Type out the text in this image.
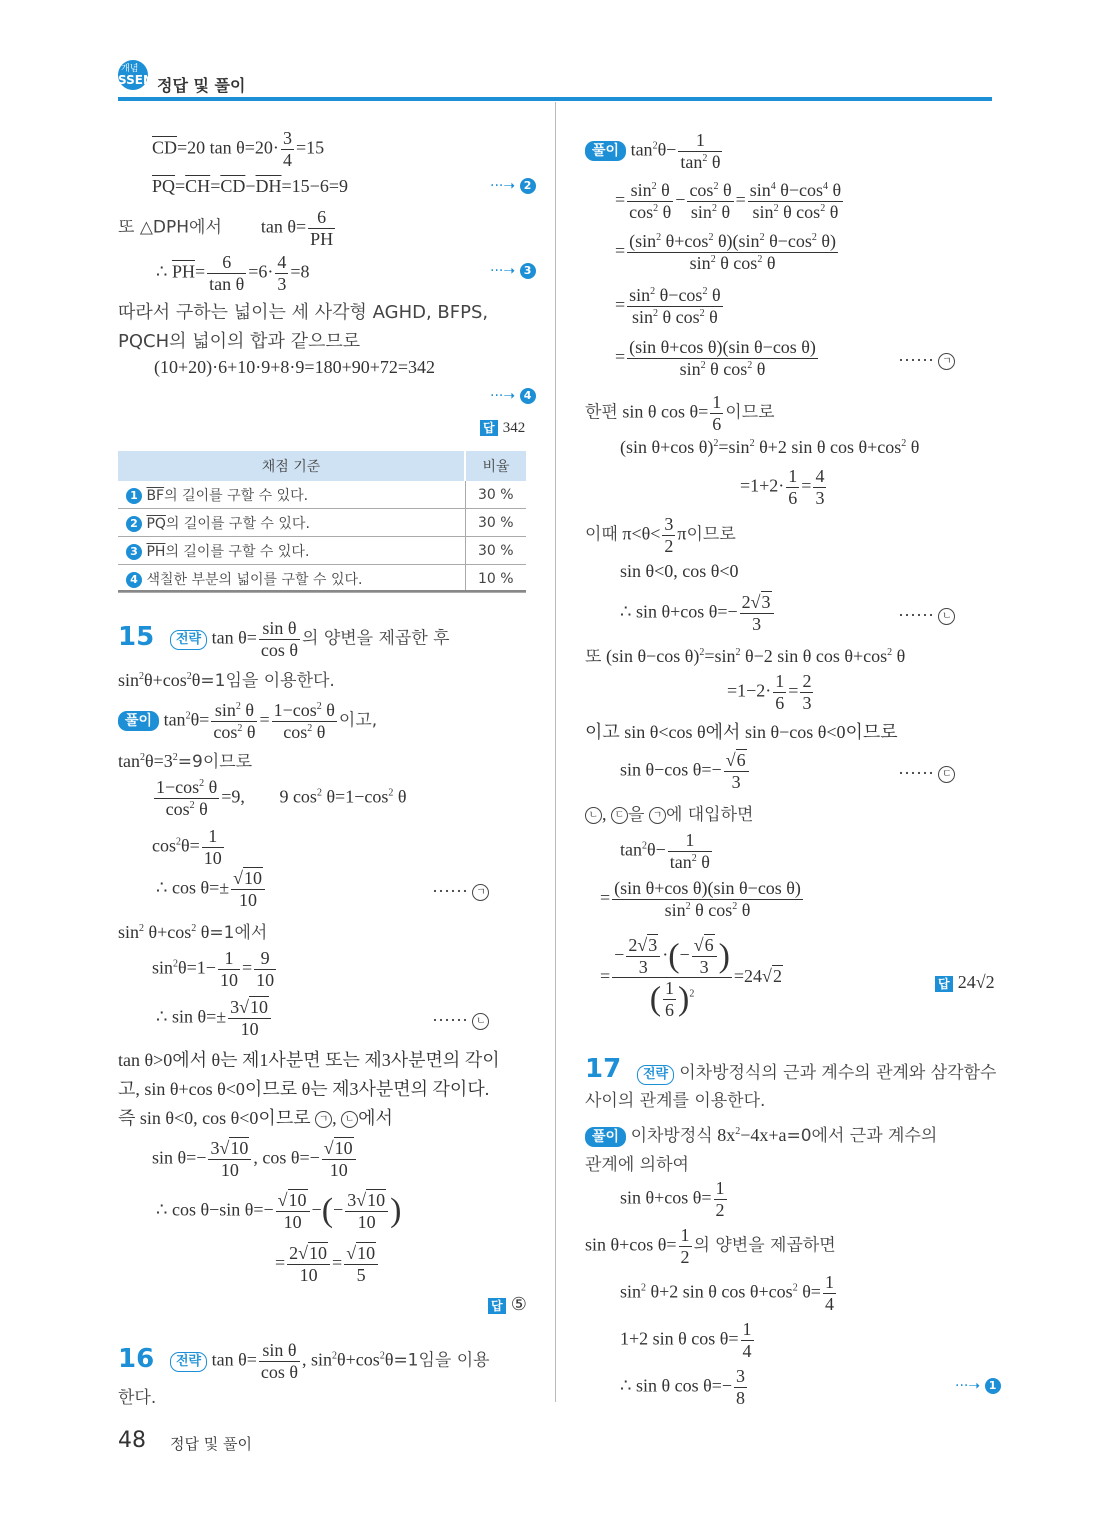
개념
SSEN 정답 및 풀이
$\overline{CD}=20$ $\tan \theta=20\cdot \frac{3}{4} =15$
$\overline{PQ}=\overline{CH}=\overline{CD}-\overline{DH}=15-6=9$	···➝ 2
또 △DPH에서 $\tan \theta= \frac{6}{PH}$
∴ $\overline{PH}= \frac{6}{\text{tan θ}} =6\cdot \frac{4}{3} =8$	···➝ 3
따라서 구하는 넓이는 세 사각형 AGHD, BFPS,
PQCH의 넓이의 합과 같으므로
(10+20)·6+10·9+8·9=180+90+72=342
···➝ 4
답 342
채점 기준	비율
1 $\overline{BF}$의 길이를 구할 수 있다.	30 %
2 $\overline{PQ}$의 길이를 구할 수 있다.	30 %
3 $\overline{PH}$의 길이를 구할 수 있다.	30 %
4 색칠한 부분의 넓이를 구할 수 있다.	10 %
15	전략 $\tan \theta= \frac{\text{sin θ}}{\text{cos θ}}$ 의 양변을 제곱한 후
$\sin^2\theta+\cos^2\theta=1$임을 이용한다.
풀이 $\tan^2\theta= \frac{\sin^2 \theta}{\cos^2 \theta} = \frac{1-\cos^2 \theta}{\cos^2 \theta}$ 이고,
$\tan^2\theta=3^2=9$이므로
$\frac{1-\cos^2 \theta}{\cos^2 \theta} =9$, 9 $\cos^2 \theta=1-\cos^2$ θ
$\cos^2\theta= \frac{1}{10}$
∴ $\cos \theta=\pm \frac{√10}{10}$	······ ㄱ
$\sin^2 \theta+\cos^2$ θ=1에서
$\sin^2\theta=1- \frac{1}{10} = \frac{9}{10}$
∴ $\sin \theta=\pm \frac{3√10}{10}$	······ ㄴ
tan θ>0에서 θ는 제1사분면 또는 제3사분면의 각이
고, sin θ+cos θ<0이므로 θ는 제3사분면의 각이다.
즉 sin θ<0, cos θ<0이므로 ㄱ , ㄴ 에서
$\sin \theta=- \frac{3√10}{10}$ , $\cos \theta=- \frac{√10}{10}$
∴ cos θ−sin $\theta=- \frac{√10}{10}$ −(− $\frac{3√10}{10}$ )
= $\frac{2√10}{10} = \frac{√10}{5}$
답 ⑤
16	전략 $\tan \theta= \frac{\text{sin θ}}{\text{cos θ}}$ , $\sin^2\theta+\cos^2\theta=1$임을 이용
한다.
48 정답 및 풀이
풀이 $\tan^2\theta- \frac{1}{\tan^2 \theta}$
= $\frac{\sin^2 \theta}{\cos^2 \theta} - \frac{\cos^2 \theta}{\sin^2 \theta} = \frac{\sin^4 \theta-\cos^4 \theta}{\sin^2 \theta \cos^2 \theta}$
= $\frac{(\sin^2 \theta+\cos^2 \theta)(\sin^2 \theta-\cos^2 \theta)}{\sin^2 \theta \cos^2 \theta}$
= $\frac{\sin^2 \theta-\cos^2 \theta}{\sin^2 \theta \cos^2 \theta}$
= $\frac{\text{(sin θ+cos θ)(sin θ−cos θ)}}{\sin^2 \theta \cos^2 \theta}$	······ ㄱ
한편 sin θ $\cos \theta= \frac{1}{6}$ 이므로
(sin θ+cos $\theta)^2=\sin^2$ θ+2 sin θ $\cos \theta+\cos^2$ θ
$=1+2\cdot \frac{1}{6} = \frac{4}{3}$
이때 $\pi<\theta< \frac{3}{2}$ π이므로
sin θ<0, cos θ<0
∴ sin θ+cos $\theta=- \frac{2√3}{3}$	······ ㄴ
또 (sin θ−cos $\theta)^2=\sin^2$ θ−2 sin θ $\cos \theta+\cos^2$ θ
$=1-2\cdot \frac{1}{6} = \frac{2}{3}$
이고 sin θ<cos θ에서 sin θ−cos θ<0이므로
sin θ−cos $\theta=- \frac{√6}{3}$	······ ㄷ
ㄴ , ㄷ 을 ㄱ 에 대입하면
$\tan^2\theta- \frac{1}{\tan^2 \theta}$
= $\frac{\text{(sin θ+cos θ)(sin θ−cos θ)}}{\sin^2 \theta \cos^2 \theta}$
= $\frac{- \frac{2√3}{3} \cdot(- \frac{√6}{3} )}{( \frac{1}{6} )^2} =24√2$	답 24√2
17	전략 이차방정식의 근과 계수의 관계와 삼각함수
사이의 관계를 이용한다.
풀이 이차방정식 $8x^2-4x+a=0$에서 근과 계수의
관계에 의하여
sin θ+cos $\theta= \frac{1}{2}$
sin θ+cos $\theta= \frac{1}{2}$ 의 양변을 제곱하면
$\sin^2 \theta+2$ sin θ $\cos \theta+\cos^2$ $\theta= \frac{1}{4}$
1+2 sin θ $\cos \theta= \frac{1}{4}$
∴ sin θ $\cos \theta=- \frac{3}{8}$	···➝ 1
